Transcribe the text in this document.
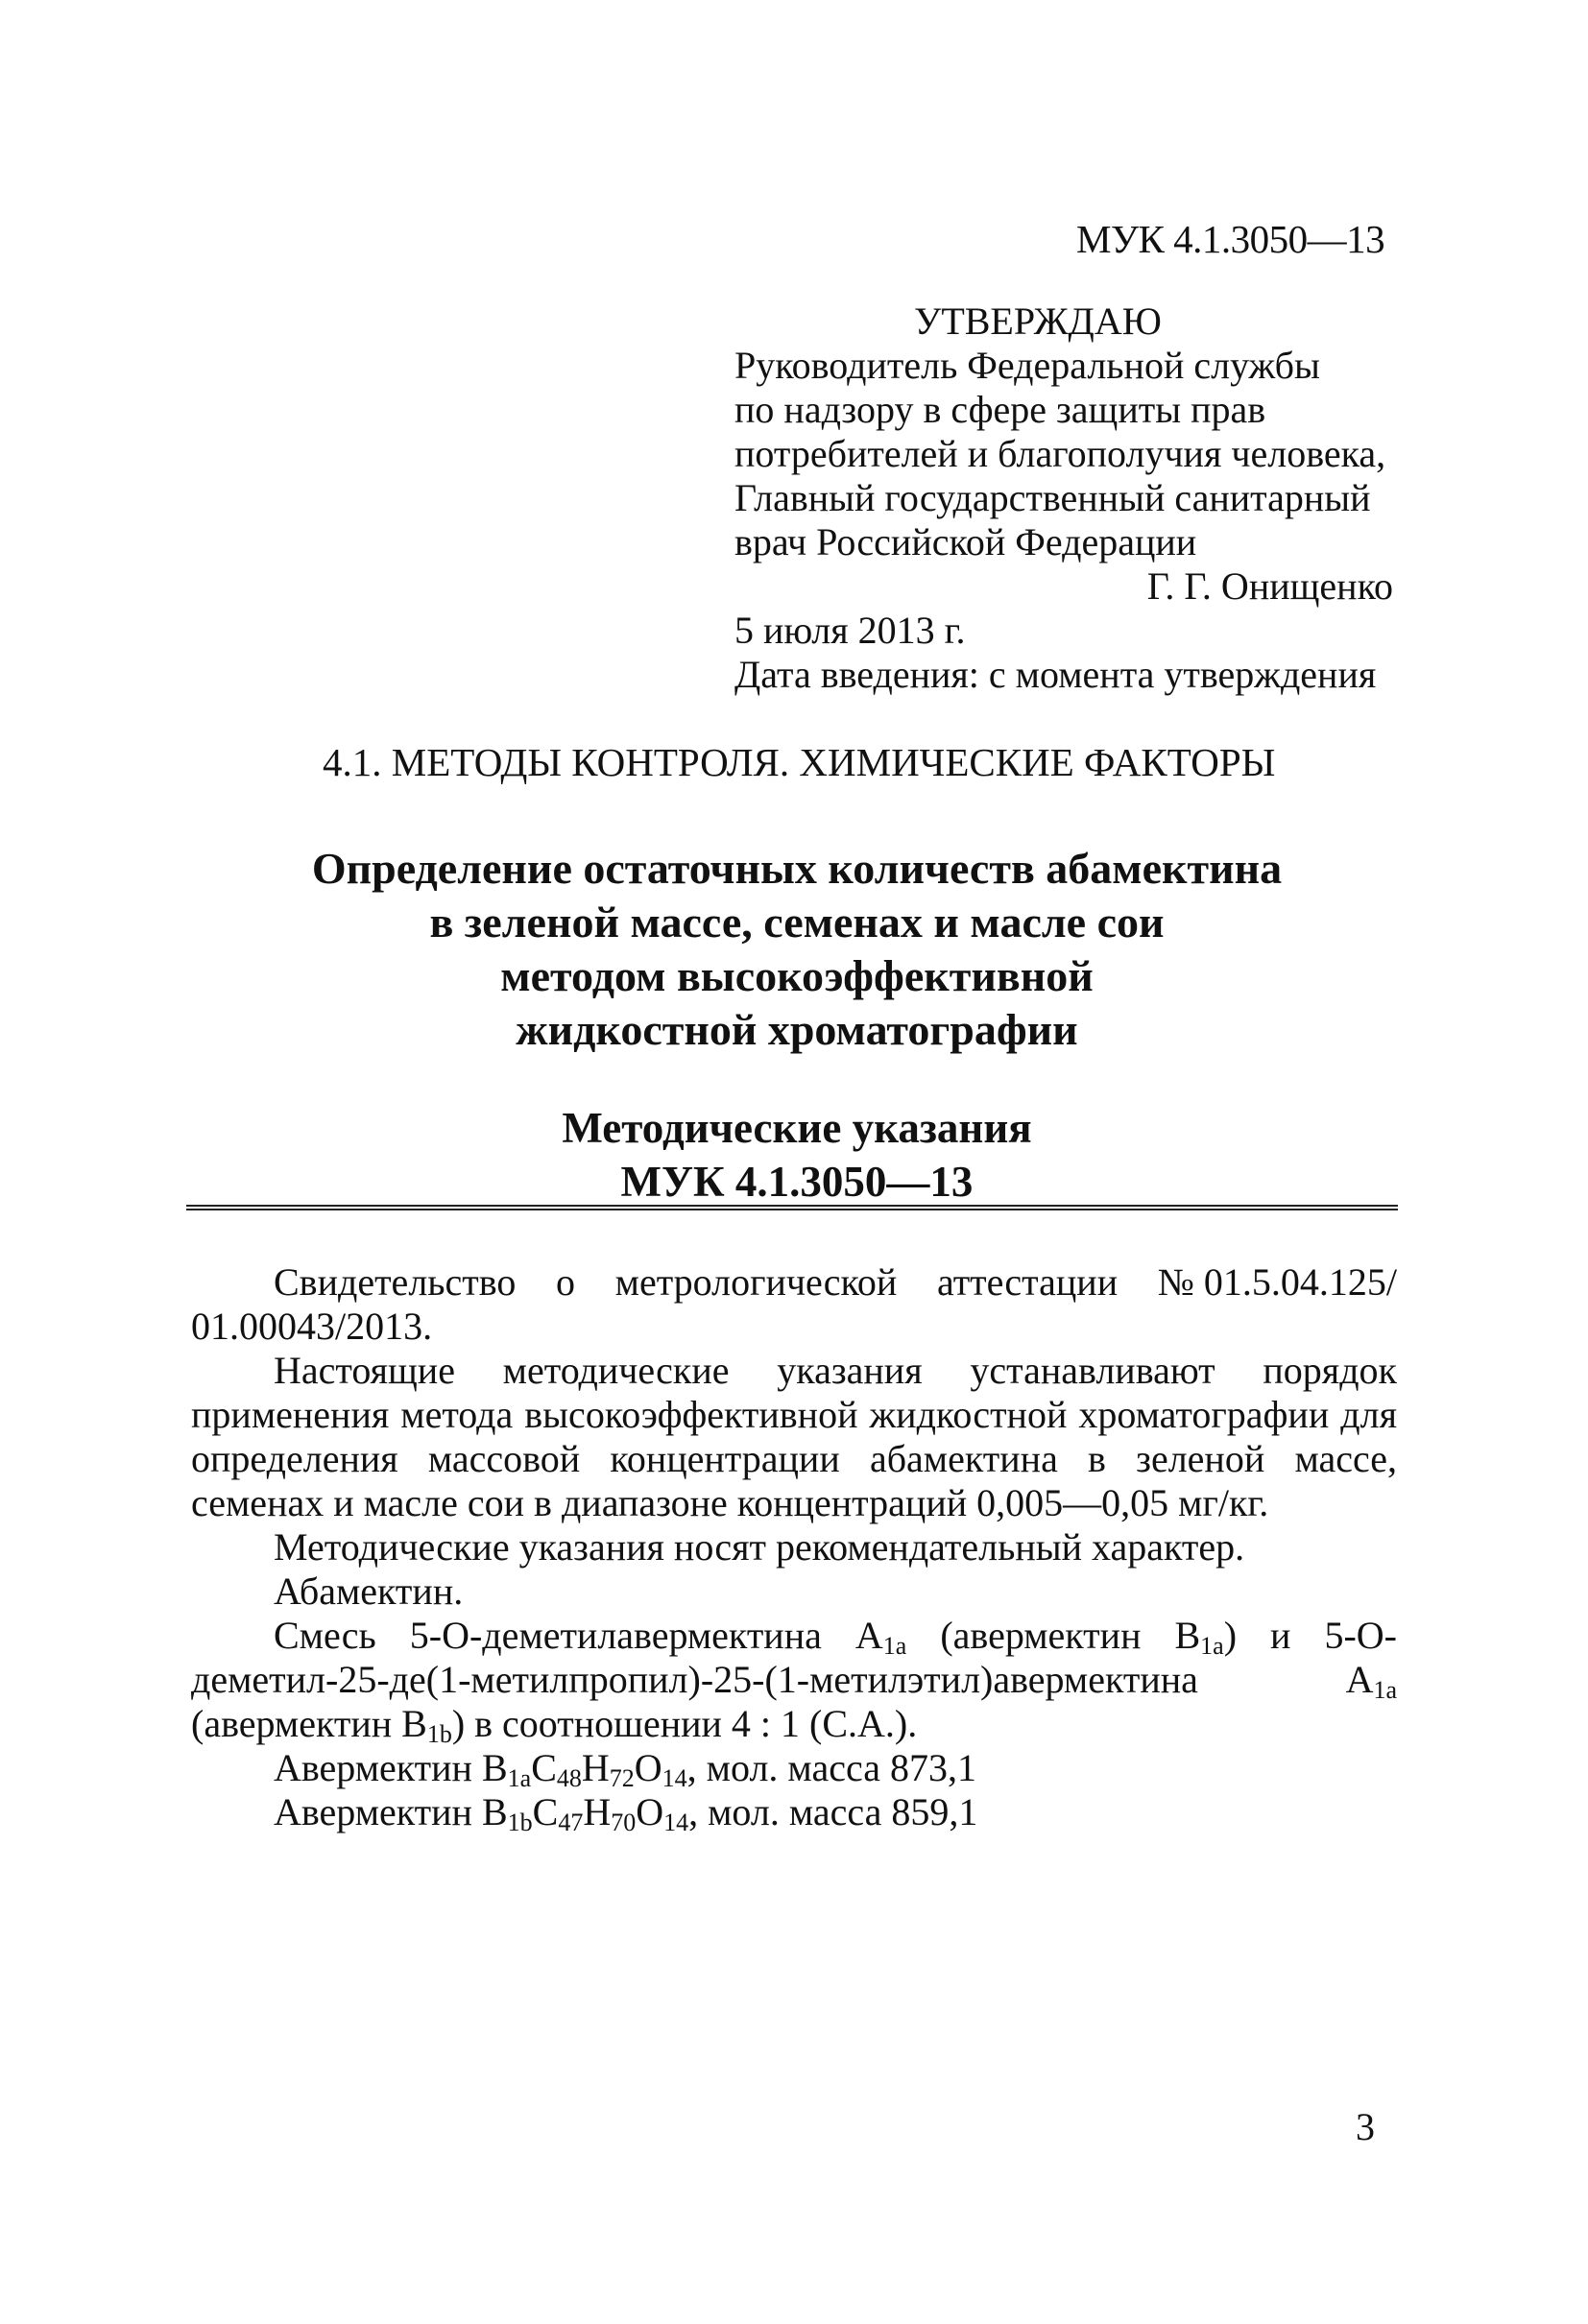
МУК 4.1.3050—13
УТВЕРЖДАЮ
Руководитель Федеральной службы
по надзору в сфере защиты прав
потребителей и благополучия человека,
Главный государственный санитарный
врач Российской Федерации
Г. Г. Онищенко
5 июля 2013 г.
Дата введения: с момента утверждения
4.1. МЕТОДЫ КОНТРОЛЯ. ХИМИЧЕСКИЕ ФАКТОРЫ
Определение остаточных количеств абамектина
в зеленой массе, семенах и масле сои
методом высокоэффективной
жидкостной хроматографии
Методические указания
МУК 4.1.3050—13
Свидетельство о метрологической аттестации № 01.5.04.125/
01.00043/2013.
Настоящие методические указания устанавливают порядок применения метода высокоэффективной жидкостной хроматографии для определения массовой концентрации абамектина в зеленой массе, семенах и масле сои в диапазоне концентраций 0,005—0,05 мг/кг.
Методические указания носят рекомендательный характер.
Абамектин.
Смесь 5-О-деметилавермектина $A_{1a}$ (авермектин $B_{1a}$) и 5-О-деметил-25-де(1-метилпропил)-25-(1-метилэтил)авермектина $A_{1a}$ (авермектин $B_{1b}$) в соотношении 4 : 1 (С.А.).
Авермектин $B_{1a}C_{48}H_{72}O_{14}$, мол. масса 873,1
Авермектин $B_{1b}C_{47}H_{70}O_{14}$, мол. масса 859,1
3
